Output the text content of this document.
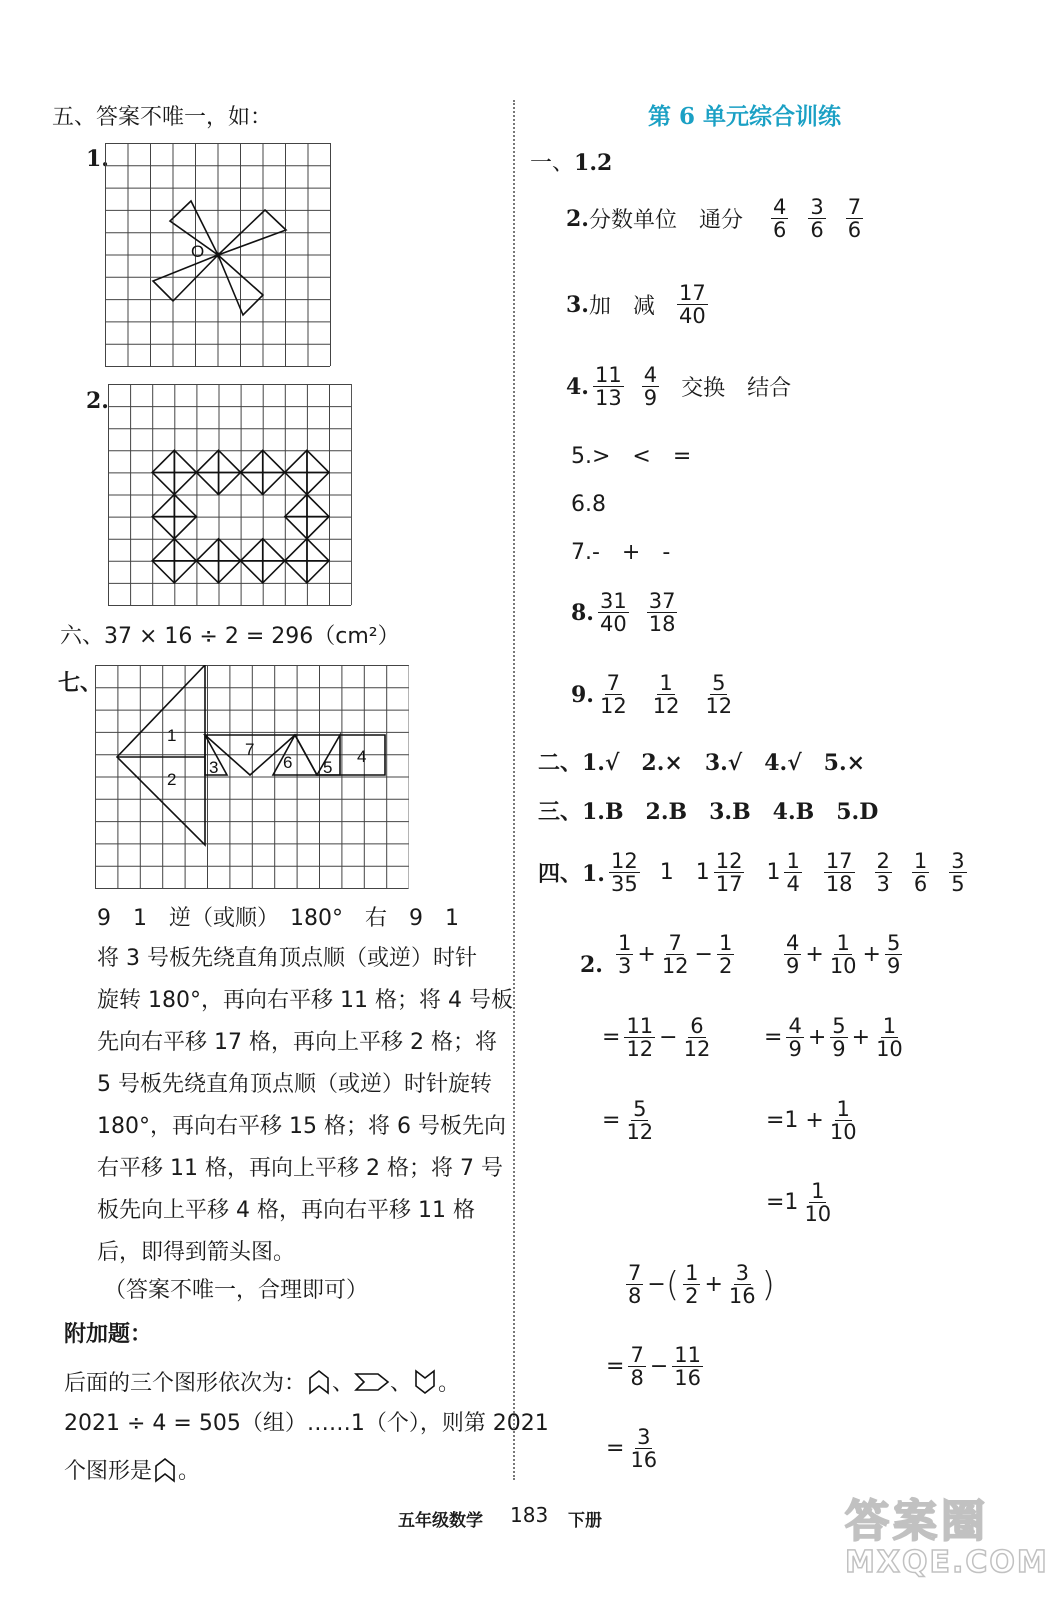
五、答案不唯一，如：
1.
O
2.
六、37 × 16 ÷ 2 = 296（cm²）
七、
1
2
3
7
6 5
4
9　1　逆（或顺）　180°　右　9　1
将 3 号板先绕直角顶点顺（或逆）时针
旋转 180°，再向右平移 11 格；将 4 号板
先向右平移 17 格，再向上平移 2 格；将
5 号板先绕直角顶点顺（或逆）时针旋转
180°，再向右平移 15 格；将 6 号板先向
右平移 11 格，再向上平移 2 格；将 7 号
板先向上平移 4 格，再向右平移 11 格
后，即得到箭头图。
（答案不唯一，合理即可）
附加题：
后面的三个图形依次为： 、 、 。
2021 ÷ 4 = 505（组）……1（个），则第 2021
个图形是 。
第 6 单元综合训练
一、1.2
2. 分数单位　通分 $\frac{4}{6} \frac{3}{6} \frac{7}{6}$
3. 加　减 $\frac{17}{40}$
4. $\frac{11}{13} \frac{4}{9}$ 交换　结合
5.>　<　=
6.8
7.-　+　-
8. $\frac{31}{40} \frac{37}{18}$
9. $\frac{7}{12} \frac{1}{12} \frac{5}{12}$
二、1.√　2.×　3.√　4.√　5.×
三、1.B　2.B　3.B　4.B　5.D
四、1. $\frac{12}{35} 1$ $1 \frac{12}{17} 1 \frac{1}{4} \frac{17}{18} \frac{2}{3} \frac{1}{6} \frac{3}{5}$
2. $\frac{1}{3} + \frac{7}{12} - \frac{1}{2}$
= $\frac{11}{12} - \frac{6}{12}$
= $\frac{5}{12}$
$\frac{4}{9} + \frac{1}{10} + \frac{5}{9}$
= $\frac{4}{9} + \frac{5}{9} + \frac{1}{10}$
$=1 + \frac{1}{10}$
$=1 \frac{1}{10}$
$\frac{7}{8}$ − ( $\frac{1}{2} + \frac{3}{16}$ )
= $\frac{7}{8} - \frac{11}{16}$
= $\frac{3}{16}$
五年级数学 183 下册	答案圈
MXQE.COM
